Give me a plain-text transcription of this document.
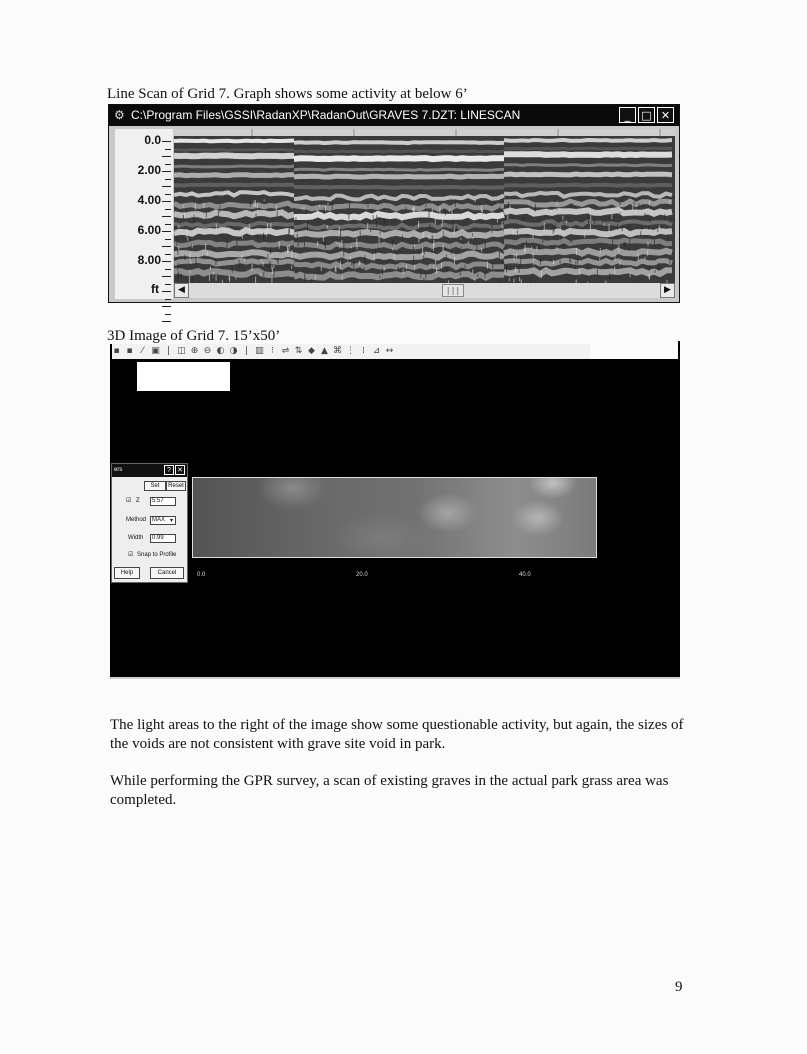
Line Scan of Grid 7. Graph shows some activity at below 6’
⚙ C:\Program Files\GSSI\RadanXP\RadanOut\GRAVES 7.DZT: LINESCAN	_	□ ✕
ft
0.0
2.00
4.00
6.00
8.00
◀	|||	▶
3D Image of Grid 7. 15’x50’
▪ ▪ ⁄ ▣ | ◫ ⊕ ⊖ ◐ ◑ | ▥ ⁝ ⇌ ⇅ ◆ ▲ ⌘ ⋮ ⁞ ⊿ ↔
0.0	20.0	40.0
ers	? ✕
Set	Reset
☑ Z	5.57
Method MAX ▾
Width	0.99
☑ Snap to Profile
Help	Cancel
The light areas to the right of the image show some questionable activity, but again, the sizes of the voids are not consistent with grave site void in park.
While performing the GPR survey, a scan of existing graves in the actual park grass area was completed.
9
